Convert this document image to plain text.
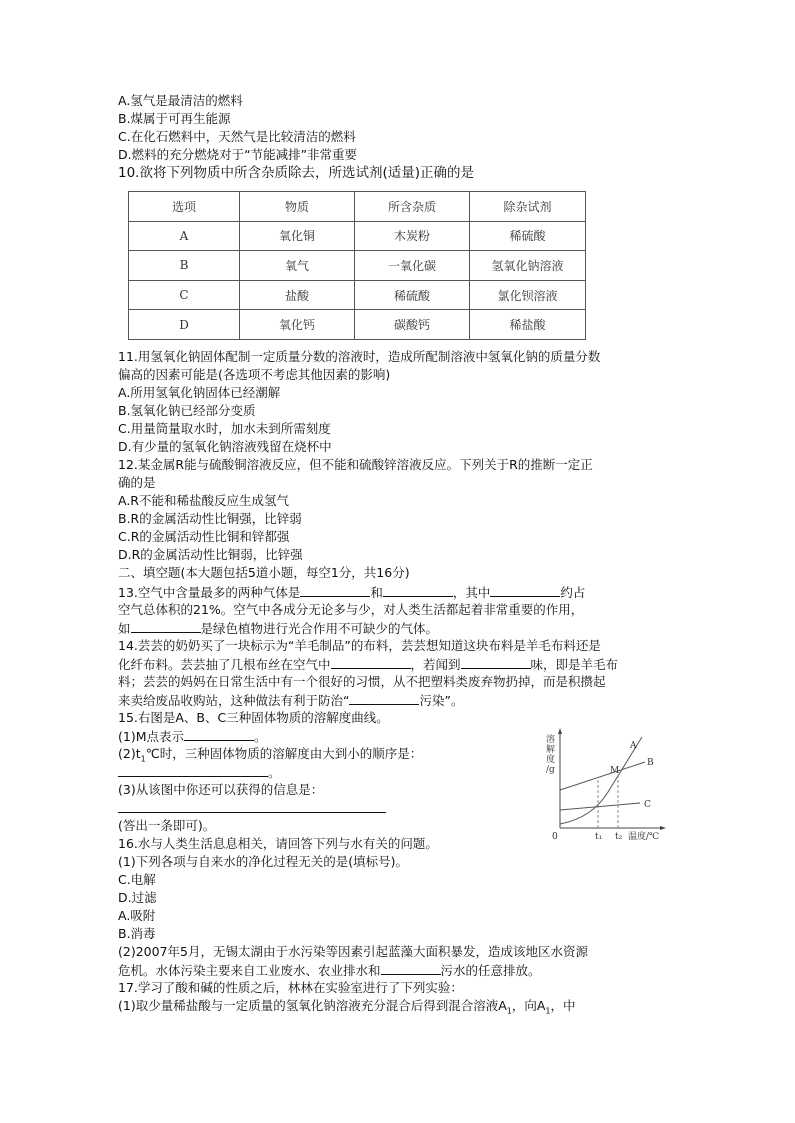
A.氢气是最清洁的燃料
B.煤属于可再生能源
C.在化石燃料中，天然气是比较清洁的燃料
D.燃料的充分燃烧对于“节能减排”非常重要
10.欲将下列物质中所含杂质除去，所选试剂(适量)正确的是
选项	物质	所含杂质	除杂试剂
A	氧化铜	木炭粉	稀硫酸
B	氧气	一氧化碳	氢氧化钠溶液
C	盐酸	稀硫酸	氯化钡溶液
D	氧化钙	碳酸钙	稀盐酸
11.用氢氧化钠固体配制一定质量分数的溶液时，造成所配制溶液中氢氧化钠的质量分数
偏高的因素可能是(各选项不考虑其他因素的影响)
A.所用氢氧化钠固体已经潮解
B.氢氧化钠已经部分变质
C.用量筒量取水时，加水未到所需刻度
D.有少量的氢氧化钠溶液残留在烧杯中
12.某金属R能与硫酸铜溶液反应，但不能和硫酸锌溶液反应。下列关于R的推断一定正
确的是
A.R不能和稀盐酸反应生成氢气
B.R的金属活动性比铜强，比锌弱
C.R的金属活动性比铜和锌都强
D.R的金属活动性比铜弱，比锌强
二、填空题(本大题包括5道小题，每空1分，共16分)
13.空气中含量最多的两种气体是	和	，其中	约占
空气总体积的21%。空气中各成分无论多与少，对人类生活都起着非常重要的作用，
如	是绿色植物进行光合作用不可缺少的气体。
14.芸芸的奶奶买了一块标示为“羊毛制品”的布料，芸芸想知道这块布料是羊毛布料还是
化纤布料。芸芸抽了几根布丝在空气中	，若闻到	味，即是羊毛布
料；芸芸的妈妈在日常生活中有一个很好的习惯，从不把塑料类废弃物扔掉，而是积攒起
来卖给废品收购站，这种做法有利于防治“	污染”。
15.右图是A、B、C三种固体物质的溶解度曲线。
(1)M点表示	。
$(2)t_1℃$时，三种固体物质的溶解度由大到小的顺序是：
。
(3)从该图中你还可以获得的信息是：
(答出一条即可)。
溶
解
度
/g
0	t₁ t₂ 温度/℃
A
B
C
M
16.水与人类生活息息相关，请回答下列与水有关的问题。
(1)下列各项与自来水的净化过程无关的是(填标号)。
C.电解
D.过滤
A.吸附
B.消毒
(2)2007年5月，无锡太湖由于水污染等因素引起蓝藻大面积暴发，造成该地区水资源
危机。水体污染主要来自工业废水、农业排水和	污水的任意排放。
17.学习了酸和碱的性质之后，林林在实验室进行了下列实验：
(1)取少量稀盐酸与一定质量的氢氧化钠溶液充分混合后得到混合溶液$A_1$，向$A_1$，中
